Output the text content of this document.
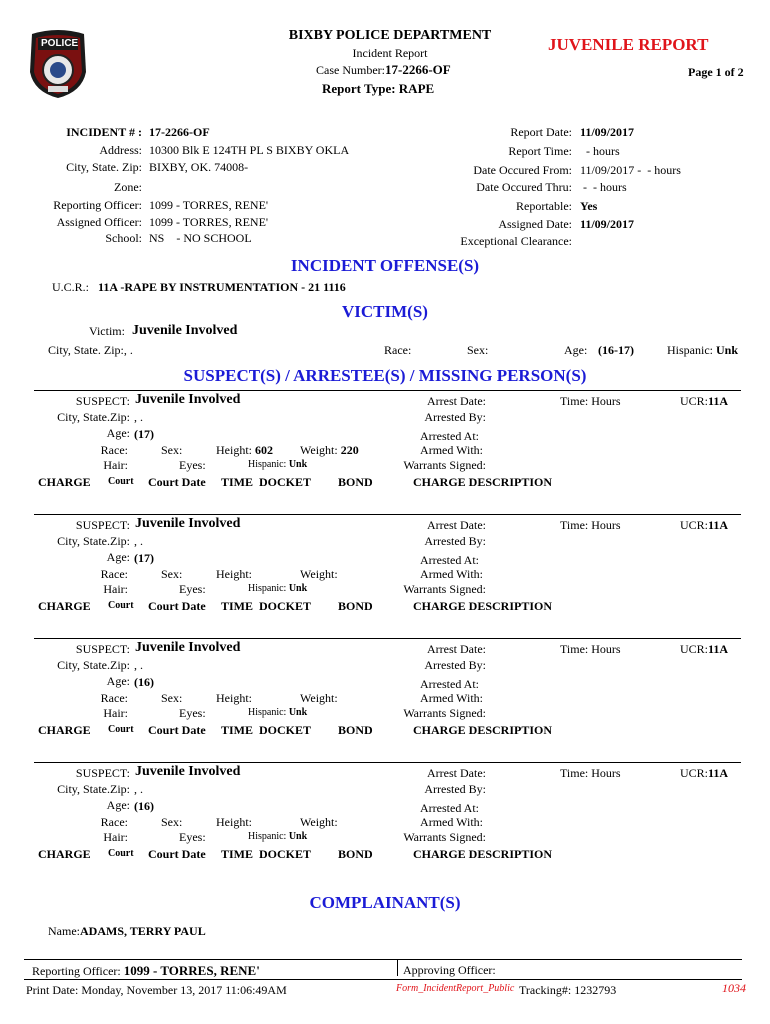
POLICE
BIXBY POLICE DEPARTMENT
Incident Report
Case Number:17-2266-OF
Report Type: RAPE
JUVENILE REPORT
Page 1 of 2
INCIDENT # : 17-2266-OF
Address: 10300 Blk E 124TH PL S BIXBY OKLA
City, State. Zip: BIXBY, OK. 74008-
Zone:
Reporting Officer: 1099 - TORRES, RENE'
Assigned Officer: 1099 - TORRES, RENE'
School: NS    - NO SCHOOL
Report Date: 11/09/2017
Report Time: - hours
Date Occured From: 11/09/2017 -  - hours
Date Occured Thru: -  - hours
Reportable: Yes
Assigned Date: 11/09/2017
Exceptional Clearance:
INCIDENT OFFENSE(S)
U.C.R.: 11A -RAPE BY INSTRUMENTATION - 21 1116
VICTIM(S)
Victim: Juvenile Involved
City, State. Zip:, .	Race:	Sex:	Age: (16-17)	Hispanic: Unk
SUSPECT(S) / ARRESTEE(S) / MISSING PERSON(S)
SUSPECT: Juvenile Involved
City, State.Zip: , .
Age: (17)
Race:
Hair:
Sex:
Eyes:
Height: 602 Weight: 220
Hispanic: Unk
Arrest Date:
Arrested By:
Arrested At:
Armed With:
Warrants Signed:
Time: Hours	UCR:11A
CHARGE Court Court Date TIME  DOCKET BOND	CHARGE DESCRIPTION
SUSPECT: Juvenile Involved
City, State.Zip: , .
Age: (17)
Race:
Hair:
Sex:
Eyes:
Height:	Weight:
Hispanic: Unk
Arrest Date:
Arrested By:
Arrested At:
Armed With:
Warrants Signed:
Time: Hours	UCR:11A
CHARGE Court Court Date TIME  DOCKET BOND	CHARGE DESCRIPTION
SUSPECT: Juvenile Involved
City, State.Zip: , .
Age: (16)
Race:
Hair:
Sex:
Eyes:
Height:	Weight:
Hispanic: Unk
Arrest Date:
Arrested By:
Arrested At:
Armed With:
Warrants Signed:
Time: Hours	UCR:11A
CHARGE Court Court Date TIME  DOCKET BOND	CHARGE DESCRIPTION
SUSPECT: Juvenile Involved
City, State.Zip: , .
Age: (16)
Race:
Hair:
Sex:
Eyes:
Height:	Weight:
Hispanic: Unk
Arrest Date:
Arrested By:
Arrested At:
Armed With:
Warrants Signed:
Time: Hours	UCR:11A
CHARGE Court Court Date TIME  DOCKET BOND	CHARGE DESCRIPTION
COMPLAINANT(S)
Name:ADAMS, TERRY PAUL
Reporting Officer: 1099 - TORRES, RENE'	Approving Officer:
Print Date: Monday, November 13, 2017 11:06:49AM	Form_IncidentReport_Public Tracking#: 1232793	1034
